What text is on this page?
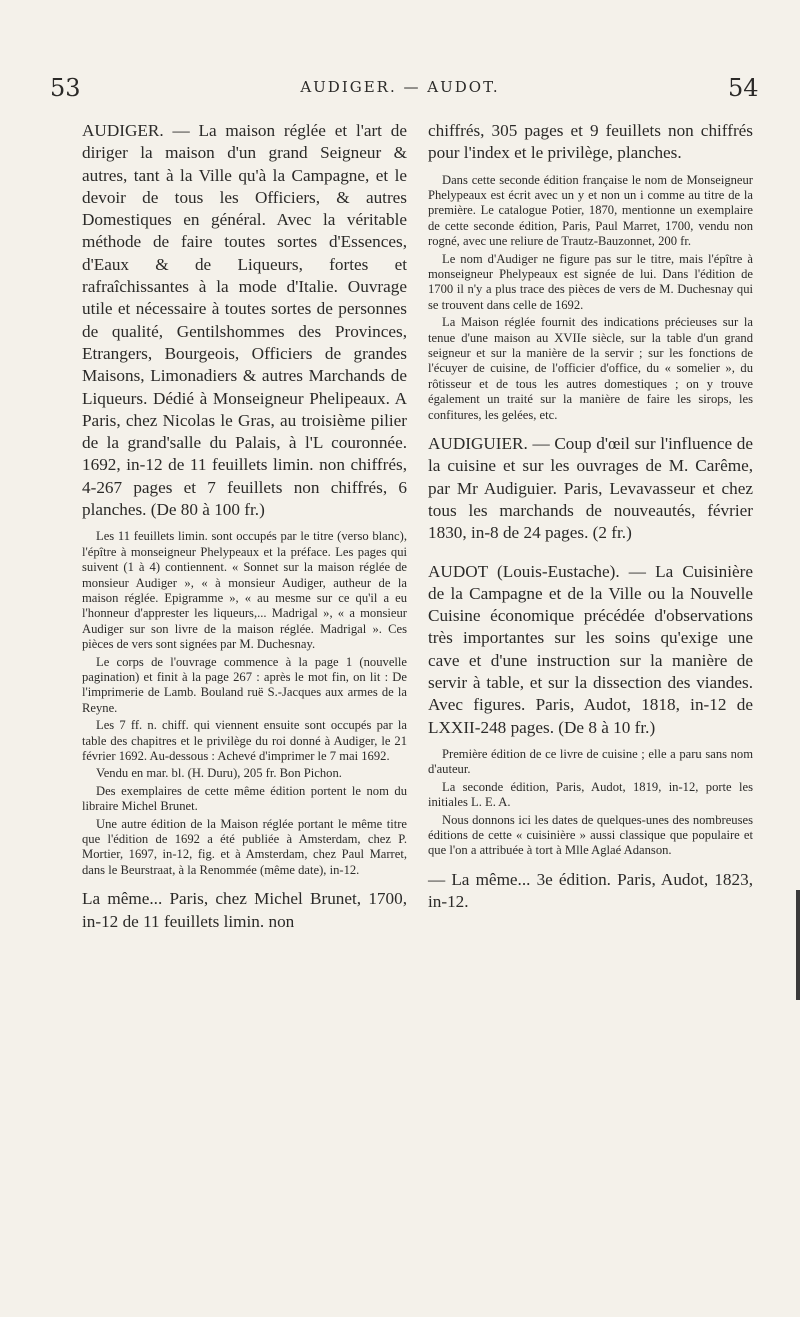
53	AUDIGER. — AUDOT.	54

AUDIGER. — La maison réglée et l'art de diriger la maison d'un grand Seigneur & autres, tant à la Ville qu'à la Campagne, et le devoir de tous les Officiers, & autres Domestiques en général. Avec la véritable méthode de faire toutes sortes d'Essences, d'Eaux & de Liqueurs, fortes et rafraîchissantes à la mode d'Italie. Ouvrage utile et nécessaire à toutes sortes de personnes de qualité, Gentilshommes des Provinces, Etrangers, Bourgeois, Officiers de grandes Maisons, Limonadiers & autres Marchands de Liqueurs. Dédié à Monseigneur Phelipeaux. A Paris, chez Nicolas le Gras, au troisième pilier de la grand'salle du Palais, à l'L couronnée. 1692, in-12 de 11 feuillets limin. non chiffrés, 4-267 pages et 7 feuillets non chiffrés, 6 planches. (De 80 à 100 fr.)

Les 11 feuillets limin. sont occupés par le titre (verso blanc), l'épître à monseigneur Phelypeaux et la préface. Les pages qui suivent (1 à 4) contiennent. « Sonnet sur la maison réglée de monsieur Audiger », « à monsieur Audiger, autheur de la maison réglée. Epigramme », « au mesme sur ce qu'il a eu l'honneur d'apprester les liqueurs,... Madrigal », « a monsieur Audiger sur son livre de la maison réglée. Madrigal ». Ces pièces de vers sont signées par M. Duchesnay.

Le corps de l'ouvrage commence à la page 1 (nouvelle pagination) et finit à la page 267 : après le mot fin, on lit : De l'imprimerie de Lamb. Bouland ruë S.-Jacques aux armes de la Reyne.

Les 7 ff. n. chiff. qui viennent ensuite sont occupés par la table des chapitres et le privilège du roi donné à Audiger, le 21 février 1692. Au-dessous : Achevé d'imprimer le 7 mai 1692.

Vendu en mar. bl. (H. Duru), 205 fr. Bon Pichon.

Des exemplaires de cette même édition portent le nom du libraire Michel Brunet.

Une autre édition de la Maison réglée portant le même titre que l'édition de 1692 a été publiée à Amsterdam, chez P. Mortier, 1697, in-12, fig. et à Amsterdam, chez Paul Marret, dans le Beurstraat, à la Renommée (même date), in-12.

La même... Paris, chez Michel Brunet, 1700, in-12 de 11 feuillets limin. non

chiffrés, 305 pages et 9 feuillets non chiffrés pour l'index et le privilège, planches.

Dans cette seconde édition française le nom de Monseigneur Phelypeaux est écrit avec un y et non un i comme au titre de la première. Le catalogue Potier, 1870, mentionne un exemplaire de cette seconde édition, Paris, Paul Marret, 1700, vendu non rogné, avec une reliure de Trautz-Bauzonnet, 200 fr.

Le nom d'Audiger ne figure pas sur le titre, mais l'épître à monseigneur Phelypeaux est signée de lui. Dans l'édition de 1700 il n'y a plus trace des pièces de vers de M. Duchesnay qui se trouvent dans celle de 1692.

La Maison réglée fournit des indications précieuses sur la tenue d'une maison au XVIIe siècle, sur la table d'un grand seigneur et sur la manière de la servir ; sur les fonctions de l'écuyer de cuisine, de l'officier d'office, du « somelier », du rôtisseur et de tous les autres domestiques ; on y trouve également un traité sur la manière de faire les sirops, les confitures, les gelées, etc.

AUDIGUIER. — Coup d'œil sur l'influence de la cuisine et sur les ouvrages de M. Carême, par Mr Audiguier. Paris, Levavasseur et chez tous les marchands de nouveautés, février 1830, in-8 de 24 pages. (2 fr.)

AUDOT (Louis-Eustache). — La Cuisinière de la Campagne et de la Ville ou la Nouvelle Cuisine économique précédée d'observations très importantes sur les soins qu'exige une cave et d'une instruction sur la manière de servir à table, et sur la dissection des viandes. Avec figures. Paris, Audot, 1818, in-12 de LXXII-248 pages. (De 8 à 10 fr.)

Première édition de ce livre de cuisine ; elle a paru sans nom d'auteur.

La seconde édition, Paris, Audot, 1819, in-12, porte les initiales L. E. A.

Nous donnons ici les dates de quelques-unes des nombreuses éditions de cette « cuisinière » aussi classique que populaire et que l'on a attribuée à tort à Mlle Aglaé Adanson.

— La même... 3e édition. Paris, Audot, 1823, in-12.
